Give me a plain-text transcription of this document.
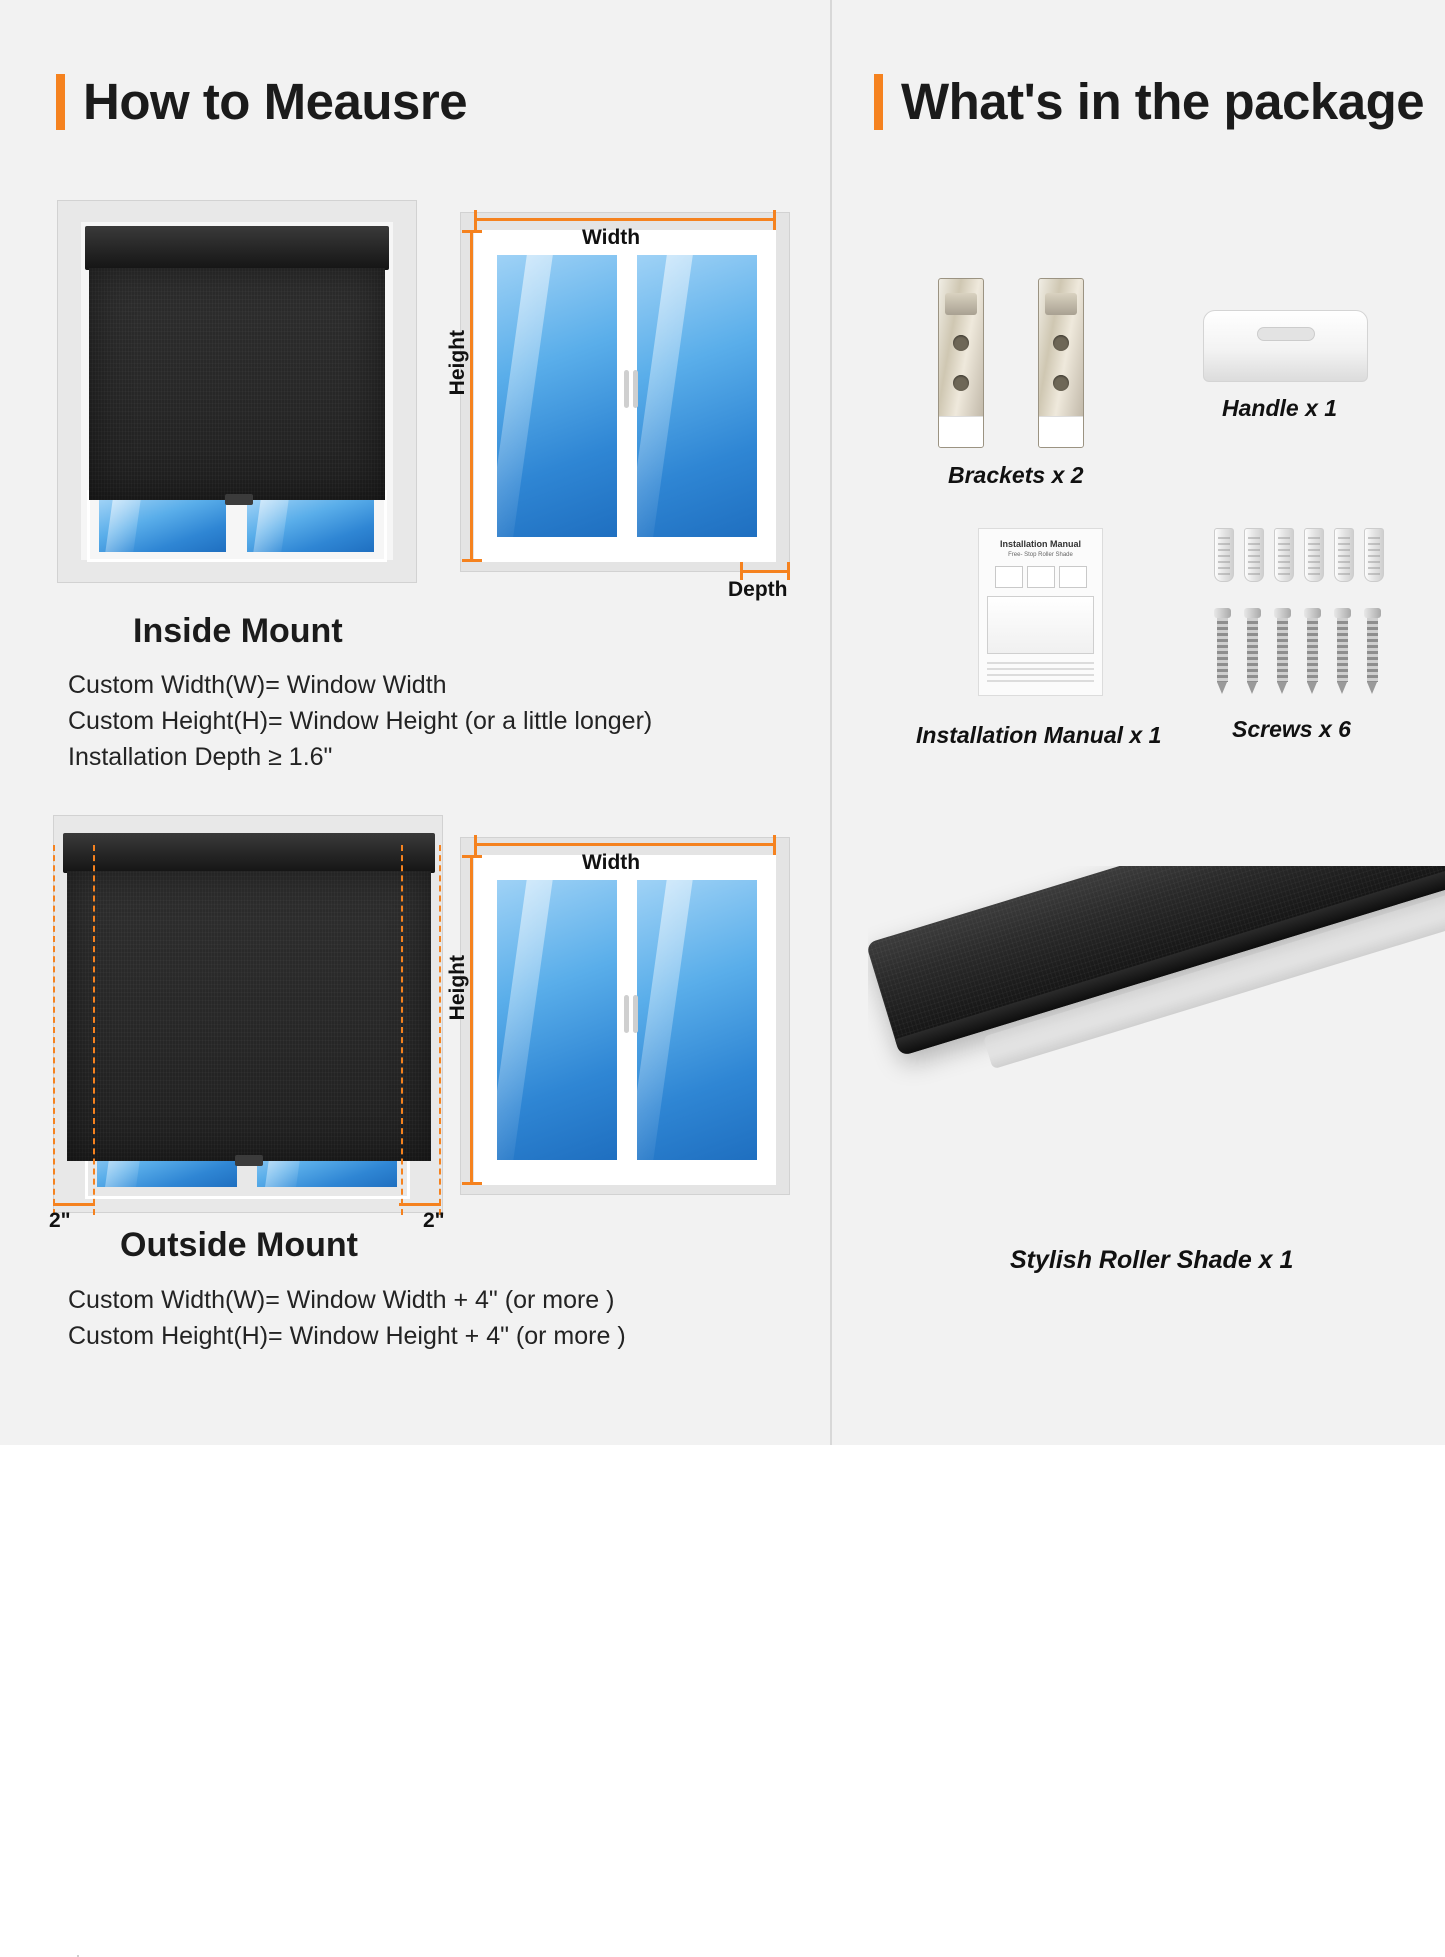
How to Meausre
Width
Height
Depth
Inside Mount
Custom Width(W)= Window Width
Custom Height(H)= Window Height (or a little longer)
Installation Depth ≥ 1.6"
2"	2"
Width
Height
Outside Mount
Custom Width(W)= Window Width + 4" (or more )
Custom Height(H)= Window Height + 4" (or more )
What's in the package
Brackets x 2
Handle x 1
Installation Manual
Free- Stop Roller Shade
Installation Manual x 1	Screws x 6
Stylish Roller Shade x 1
